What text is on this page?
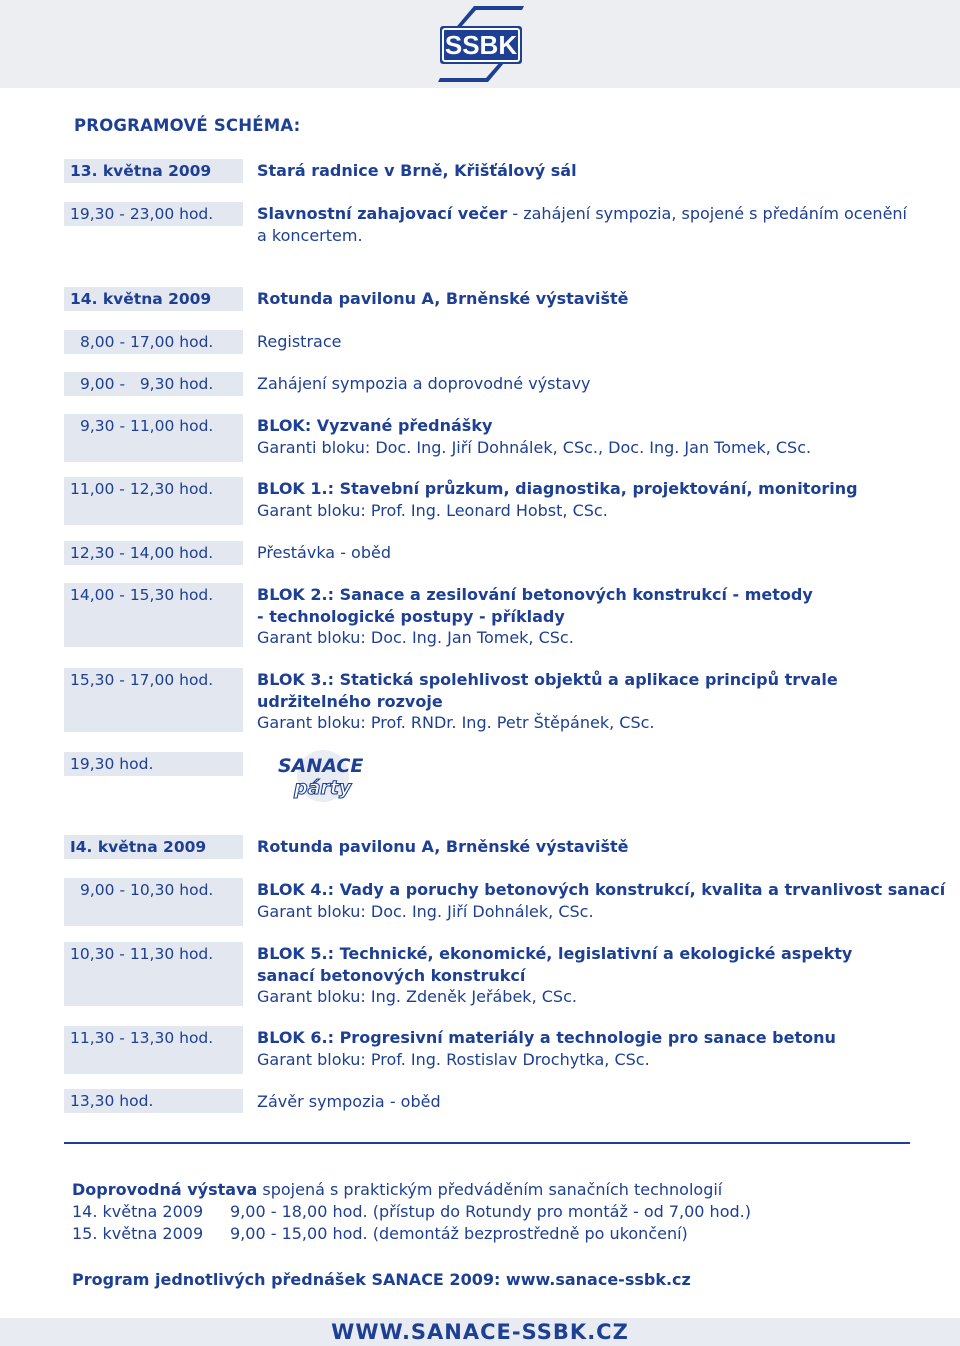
SSBK
PROGRAMOVÉ SCHÉMA:
13. května 2009	Stará radnice v Brně, Křišťálový sál
19,30 - 23,00 hod.	Slavnostní zahajovací večer - zahájení sympozia, spojené s předáním ocenění
a koncertem.
14. května 2009	Rotunda pavilonu A, Brněnské výstaviště
8,00 - 17,00 hod.	Registrace
9,00 -   9,30 hod.	Zahájení sympozia a doprovodné výstavy
9,30 - 11,00 hod.	BLOK: Vyzvané přednášky
Garanti bloku: Doc. Ing. Jiří Dohnálek, CSc., Doc. Ing. Jan Tomek, CSc.
11,00 - 12,30 hod.	BLOK 1.: Stavební průzkum, diagnostika, projektování, monitoring
Garant bloku: Prof. Ing. Leonard Hobst, CSc.
12,30 - 14,00 hod.	Přestávka - oběd
14,00 - 15,30 hod.	BLOK 2.: Sanace a zesilování betonových konstrukcí - metody
- technologické postupy - příklady
Garant bloku: Doc. Ing. Jan Tomek, CSc.
15,30 - 17,00 hod.	BLOK 3.: Statická spolehlivost objektů a aplikace principů trvale
udržitelného rozvoje
Garant bloku: Prof. RNDr. Ing. Petr Štěpánek, CSc.
19,30 hod.	SANACE
párty
I4. května 2009	Rotunda pavilonu A, Brněnské výstaviště
9,00 - 10,30 hod.	BLOK 4.: Vady a poruchy betonových konstrukcí, kvalita a trvanlivost sanací
Garant bloku: Doc. Ing. Jiří Dohnálek, CSc.
10,30 - 11,30 hod.	BLOK 5.: Technické, ekonomické, legislativní a ekologické aspekty
sanací betonových konstrukcí
Garant bloku: Ing. Zdeněk Jeřábek, CSc.
11,30 - 13,30 hod.	BLOK 6.: Progresivní materiály a technologie pro sanace betonu
Garant bloku: Prof. Ing. Rostislav Drochytka, CSc.
13,30 hod.	Závěr sympozia - oběd
Doprovodná výstava spojená s praktickým předváděním sanačních technologií
14. května 2009 9,00 - 18,00 hod. (přístup do Rotundy pro montáž - od 7,00 hod.)
15. května 2009 9,00 - 15,00 hod. (demontáž bezprostředně po ukončení)
Program jednotlivých přednášek SANACE 2009: www.sanace-ssbk.cz
WWW.SANACE-SSBK.CZ
